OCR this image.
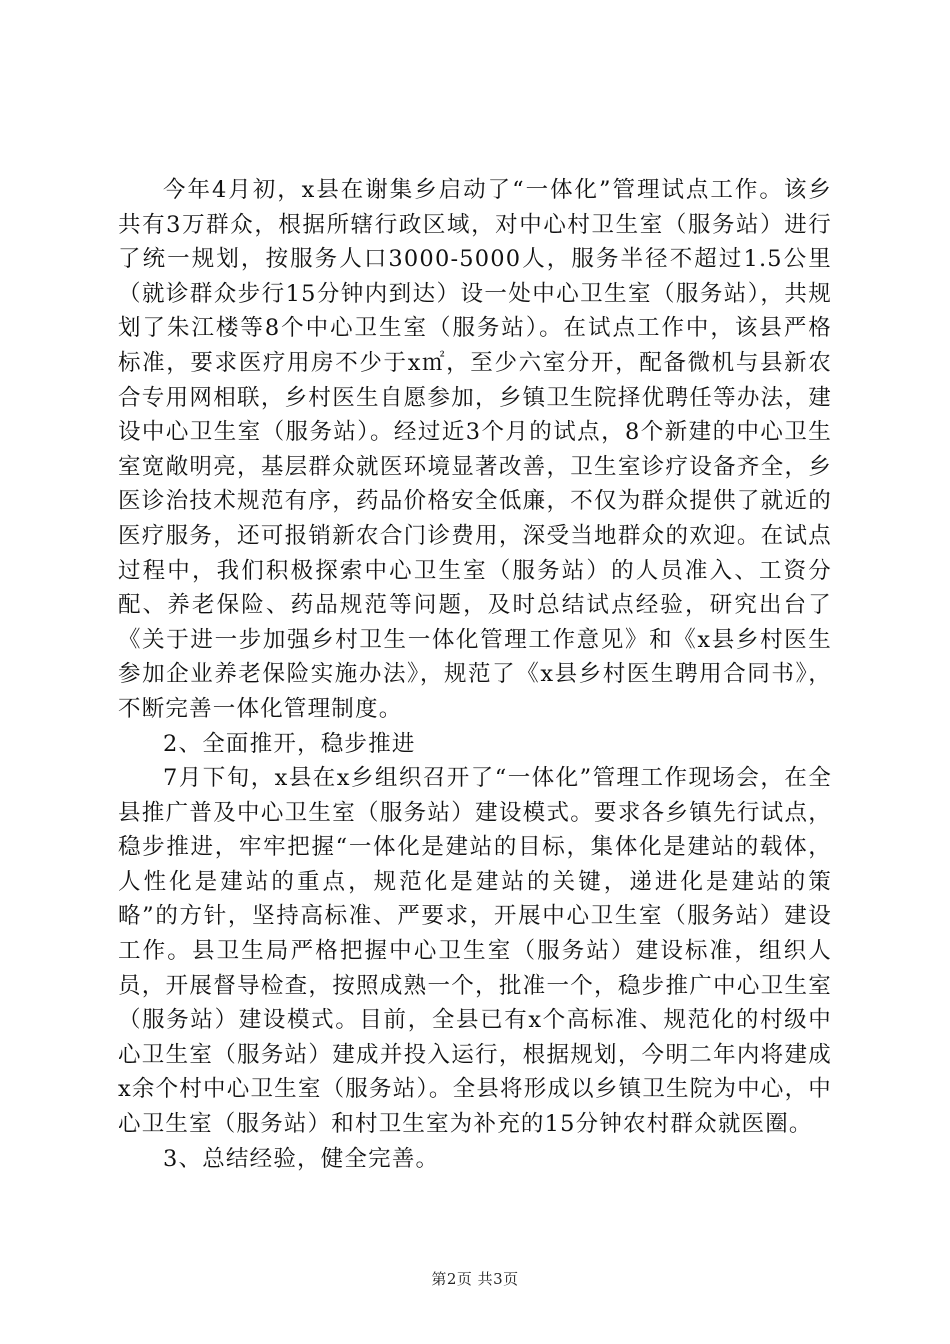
今年4月初，x县在谢集乡启动了“一体化”管理试点工作。该乡共有3万群众，根据所辖行政区域，对中心村卫生室（服务站）进行了统一规划，按服务人口3000-5000人，服务半径不超过1.5公里（就诊群众步行15分钟内到达）设一处中心卫生室（服务站），共规划了朱江楼等8个中心卫生室（服务站）。在试点工作中，该县严格标准，要求医疗用房不少于x㎡，至少六室分开，配备微机与县新农合专用网相联，乡村医生自愿参加，乡镇卫生院择优聘任等办法，建设中心卫生室（服务站）。经过近3个月的试点，8个新建的中心卫生室宽敞明亮，基层群众就医环境显著改善，卫生室诊疗设备齐全，乡医诊治技术规范有序，药品价格安全低廉，不仅为群众提供了就近的医疗服务，还可报销新农合门诊费用，深受当地群众的欢迎。在试点过程中，我们积极探索中心卫生室（服务站）的人员准入、工资分配、养老保险、药品规范等问题，及时总结试点经验，研究出台了《关于进一步加强乡村卫生一体化管理工作意见》和《x县乡村医生参加企业养老保险实施办法》，规范了《x县乡村医生聘用合同书》，不断完善一体化管理制度。

2、全面推开，稳步推进

7月下旬，x县在x乡组织召开了“一体化”管理工作现场会，在全县推广普及中心卫生室（服务站）建设模式。要求各乡镇先行试点，稳步推进，牢牢把握“一体化是建站的目标，集体化是建站的载体，人性化是建站的重点，规范化是建站的关键，递进化是建站的策略”的方针，坚持高标准、严要求，开展中心卫生室（服务站）建设工作。县卫生局严格把握中心卫生室（服务站）建设标准，组织人员，开展督导检查，按照成熟一个，批准一个，稳步推广中心卫生室（服务站）建设模式。目前，全县已有x个高标准、规范化的村级中心卫生室（服务站）建成并投入运行，根据规划，今明二年内将建成x余个村中心卫生室（服务站）。全县将形成以乡镇卫生院为中心，中心卫生室（服务站）和村卫生室为补充的15分钟农村群众就医圈。

3、总结经验，健全完善。

第2页 共3页
